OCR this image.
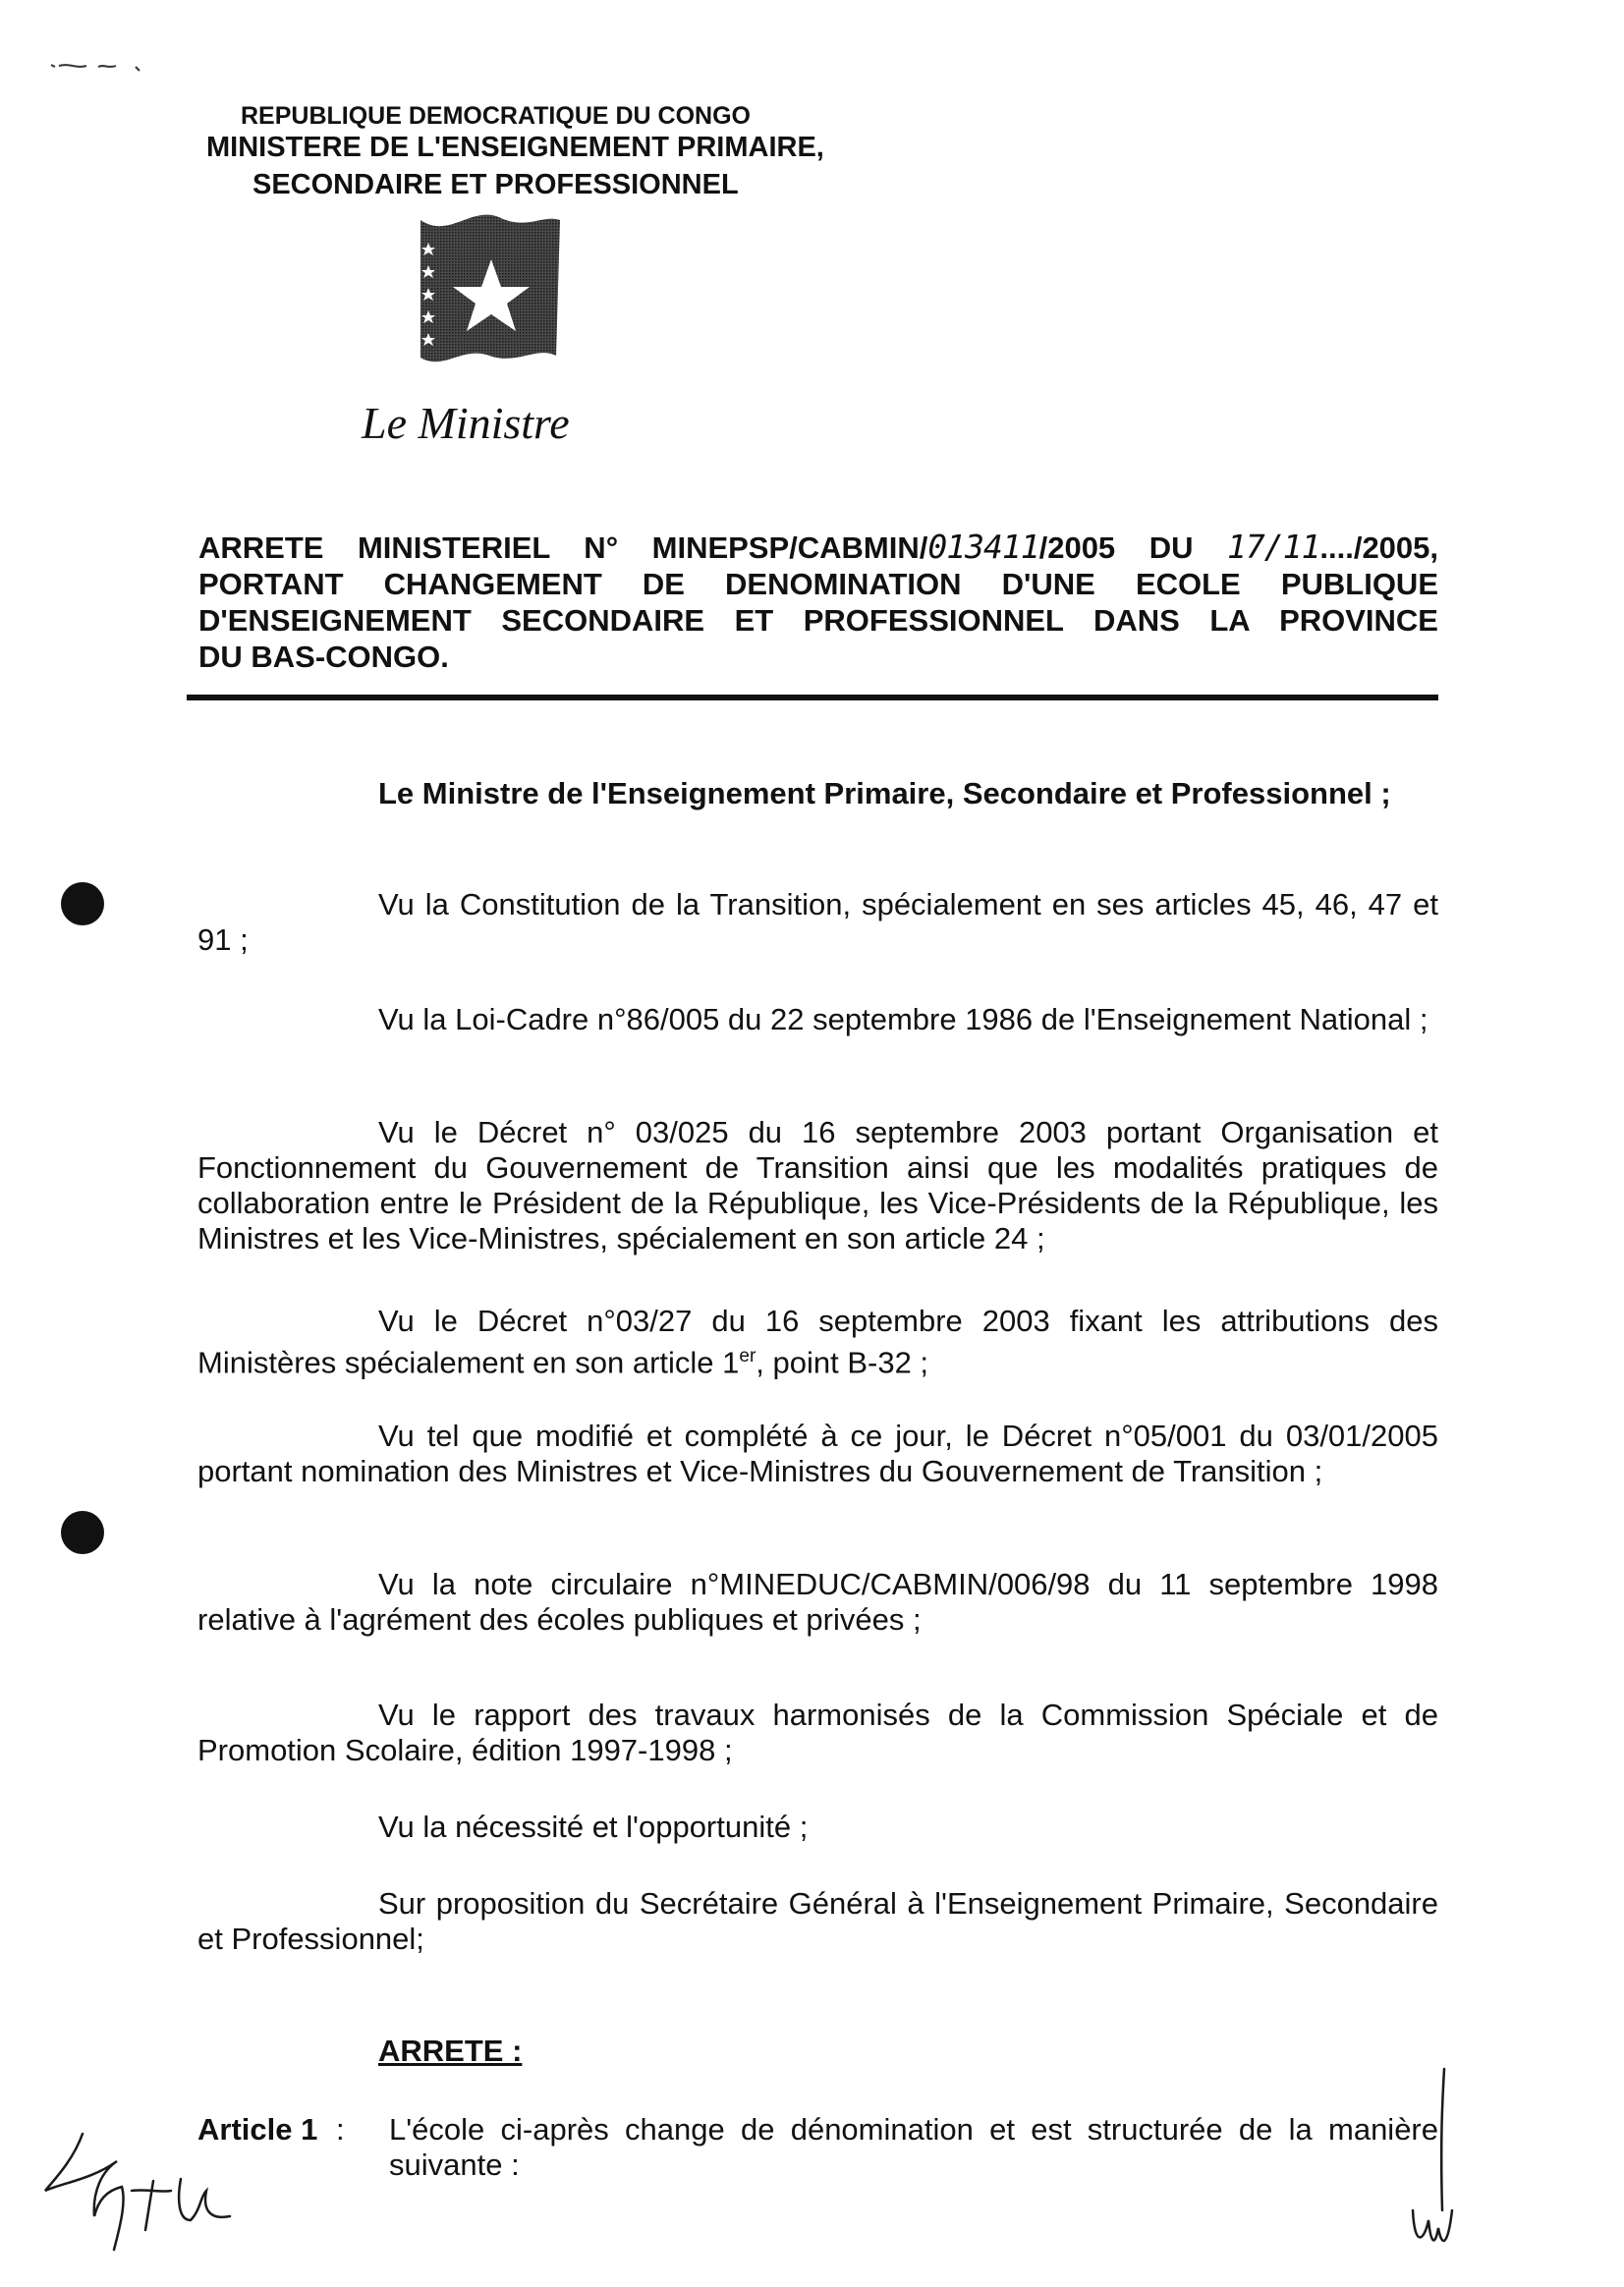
REPUBLIQUE DEMOCRATIQUE DU CONGO
MINISTERE DE L'ENSEIGNEMENT PRIMAIRE,
SECONDAIRE ET PROFESSIONNEL
Le Ministre
ARRETE MINISTERIEL N° MINEPSP/CABMIN/013411/2005 DU 17/11..../2005,
PORTANT CHANGEMENT DE DENOMINATION D'UNE ECOLE PUBLIQUE
D'ENSEIGNEMENT SECONDAIRE ET PROFESSIONNEL DANS LA PROVINCE
DU BAS-CONGO.
Le Ministre de l'Enseignement Primaire, Secondaire et Professionnel ;
Vu la Constitution de la Transition, spécialement en ses articles 45, 46, 47 et 91 ;
Vu la Loi-Cadre n°86/005 du 22 septembre 1986 de l'Enseignement National ;
Vu le Décret n° 03/025 du 16 septembre 2003 portant Organisation et Fonctionnement du Gouvernement de Transition ainsi que les modalités pratiques de collaboration entre le Président de la République, les Vice-Présidents de la République, les Ministres et les Vice-Ministres, spécialement en son article 24 ;
Vu le Décret n°03/27 du 16 septembre 2003 fixant les attributions des Ministères spécialement en son article 1er, point B-32 ;
Vu tel que modifié et complété à ce jour, le Décret n°05/001 du 03/01/2005 portant nomination des Ministres et Vice-Ministres du Gouvernement de Transition ;
Vu la note circulaire n°MINEDUC/CABMIN/006/98 du 11 septembre 1998 relative à l'agrément des écoles publiques et privées ;
Vu le rapport des travaux harmonisés de la Commission Spéciale et de Promotion Scolaire, édition 1997-1998 ;
Vu la nécessité et l'opportunité ;
Sur proposition du Secrétaire Général à l'Enseignement Primaire, Secondaire et Professionnel;
ARRETE :
Article 1 : L'école ci-après change de dénomination et est structurée de la manière suivante :
